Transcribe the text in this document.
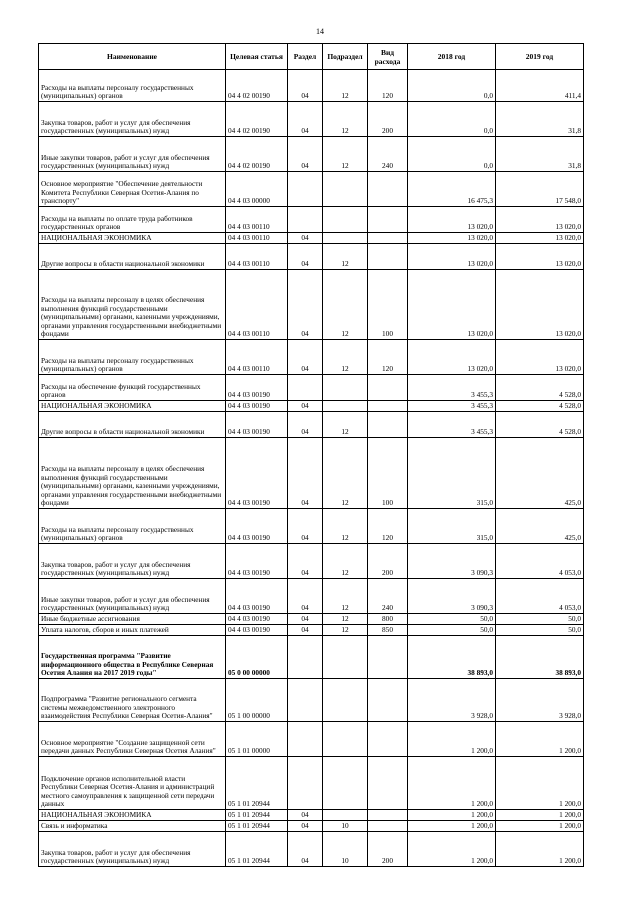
14
Наименование	Целевая статья	Раздел	Подраздел	Вид расхода	2018 год	2019 год
Расходы на выплаты персоналу государственных (муниципальных) органов	04 4 02 00190	04	12	120	0,0	411,4
Закупка товаров, работ и услуг для обеспечения государственных (муниципальных) нужд	04 4 02 00190	04	12	200	0,0	31,8
Иные закупки товаров, работ и услуг для обеспечения государственных (муниципальных) нужд	04 4 02 00190	04	12	240	0,0	31,8
Основное мероприятие "Обеспечение деятельности Комитета Республики Северная Осетия-Алания по транспорту"	04 4 03 00000				16 475,3	17 548,0
Расходы на выплаты по оплате труда работников государственных органов	04 4 03 00110				13 020,0	13 020,0
НАЦИОНАЛЬНАЯ ЭКОНОМИКА	04 4 03 00110	04			13 020,0	13 020,0
Другие вопросы в области национальной экономики	04 4 03 00110	04	12		13 020,0	13 020,0
Расходы на выплаты персоналу в целях обеспечения выполнения функций государственными (муниципальными) органами, казенными учреждениями, органами управления государственными внебюджетными фондами	04 4 03 00110	04	12	100	13 020,0	13 020,0
Расходы на выплаты персоналу государственных (муниципальных) органов	04 4 03 00110	04	12	120	13 020,0	13 020,0
Расходы на обеспечение функций государственных органов	04 4 03 00190				3 455,3	4 528,0
НАЦИОНАЛЬНАЯ ЭКОНОМИКА	04 4 03 00190	04			3 455,3	4 528,0
Другие вопросы в области национальной экономики	04 4 03 00190	04	12		3 455,3	4 528,0
Расходы на выплаты персоналу в целях обеспечения выполнения функций государственными (муниципальными) органами, казенными учреждениями, органами управления государственными внебюджетными фондами	04 4 03 00190	04	12	100	315,0	425,0
Расходы на выплаты персоналу государственных (муниципальных) органов	04 4 03 00190	04	12	120	315,0	425,0
Закупка товаров, работ и услуг для обеспечения государственных (муниципальных) нужд	04 4 03 00190	04	12	200	3 090,3	4 053,0
Иные закупки товаров, работ и услуг для обеспечения государственных (муниципальных) нужд	04 4 03 00190	04	12	240	3 090,3	4 053,0
Иные бюджетные ассигнования	04 4 03 00190	04	12	800	50,0	50,0
Уплата налогов, сборов и иных платежей	04 4 03 00190	04	12	850	50,0	50,0
Государственная программа "Развитие информационного общества в Республике Северная Осетия Алания на 2017 2019 годы"	05 0 00 00000				38 893,0	38 893,0
Подпрограмма "Развитие регионального сегмента системы межведомственного электронного взаимодействия Республики Северная Осетия-Алания"	05 1 00 00000				3 928,0	3 928,0
Основное мероприятие "Создание защищенной сети передачи данных Республики Северная Осетия Алания"	05 1 01 00000				1 200,0	1 200,0
Подключение органов исполнительной власти Республики Северная Осетия-Алания и администраций местного самоуправления к защищенной сети передачи данных	05 1 01 20944				1 200,0	1 200,0
НАЦИОНАЛЬНАЯ ЭКОНОМИКА	05 1 01 20944	04			1 200,0	1 200,0
Связь и информатика	05 1 01 20944	04	10		1 200,0	1 200,0
Закупка товаров, работ и услуг для обеспечения государственных (муниципальных) нужд	05 1 01 20944	04	10	200	1 200,0	1 200,0
